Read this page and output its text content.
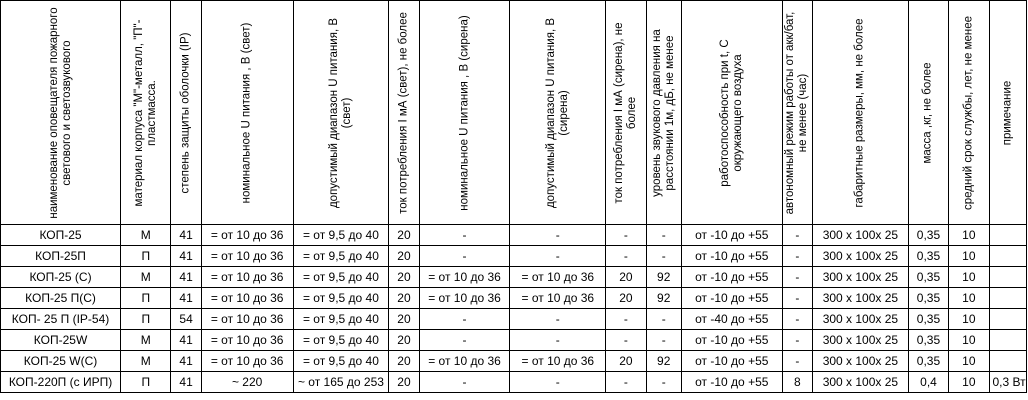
наименование оповещателя пожарного светового и светозвукового	материал корпуса "М"-металл, "П"- пластмасса.	степень защиты оболочки (IP)	номинальное U питания , В (свет)	допустимый диапазон U питания, В (свет)	ток потребления I мА (свет), не более	номинальное U питания , В (сирена)	допустимый диапазон U питания, В (сирена)	ток потребления I мА (сирена), не более	уровень звукового давления на расстоянии 1м, дБ, не менее	работоспособность при t, С окружающего воздуха	автономный режим работы от акк/бат, не менее (час)	габаритные размеры, мм, не более	масса ,кг, не более	средний срок службы, лет, не менее	примечание

КОП-25	М	41	= от 10 до 36	= от 9,5 до 40	20	-	-	-	-	от -10 до +55	-	300 х 100х 25	0,35	10	
КОП-25П	П	41	= от 10 до 36	= от 9,5 до 40	20	-	-	-	-	от -10 до +55	-	300 х 100х 25	0,35	10	
КОП-25 (С)	М	41	= от 10 до 36	= от 9,5 до 40	20	= от 10 до 36	= от 10 до 36	20	92	от -10 до +55	-	300 х 100х 25	0,35	10	
КОП-25 П(С)	П	41	= от 10 до 36	= от 9,5 до 40	20	= от 10 до 36	= от 10 до 36	20	92	от -10 до +55	-	300 х 100х 25	0,35	10	
КОП- 25 П (IP-54)	П	54	= от 10 до 36	= от 9,5 до 40	20	-	-	-	-	от -40 до +55	-	300 х 100х 25	0,35	10	
КОП-25W	М	41	= от 10 до 36	= от 9,5 до 40	20	-	-	-	-	от -10 до +55	-	300 х 100х 25	0,35	10	
КОП-25 W(С)	М	41	= от 10 до 36	= от 9,5 до 40	20	= от 10 до 36	= от 10 до 36	20	92	от -10 до +55	-	300 х 100х 25	0,35	10	
КОП-220П (с ИРП)	П	41	~ 220	~ от 165 до 253	20	-	-	-	-	от -10 до +55	8	300 х 100х 25	0,4	10	0,3 Вт
